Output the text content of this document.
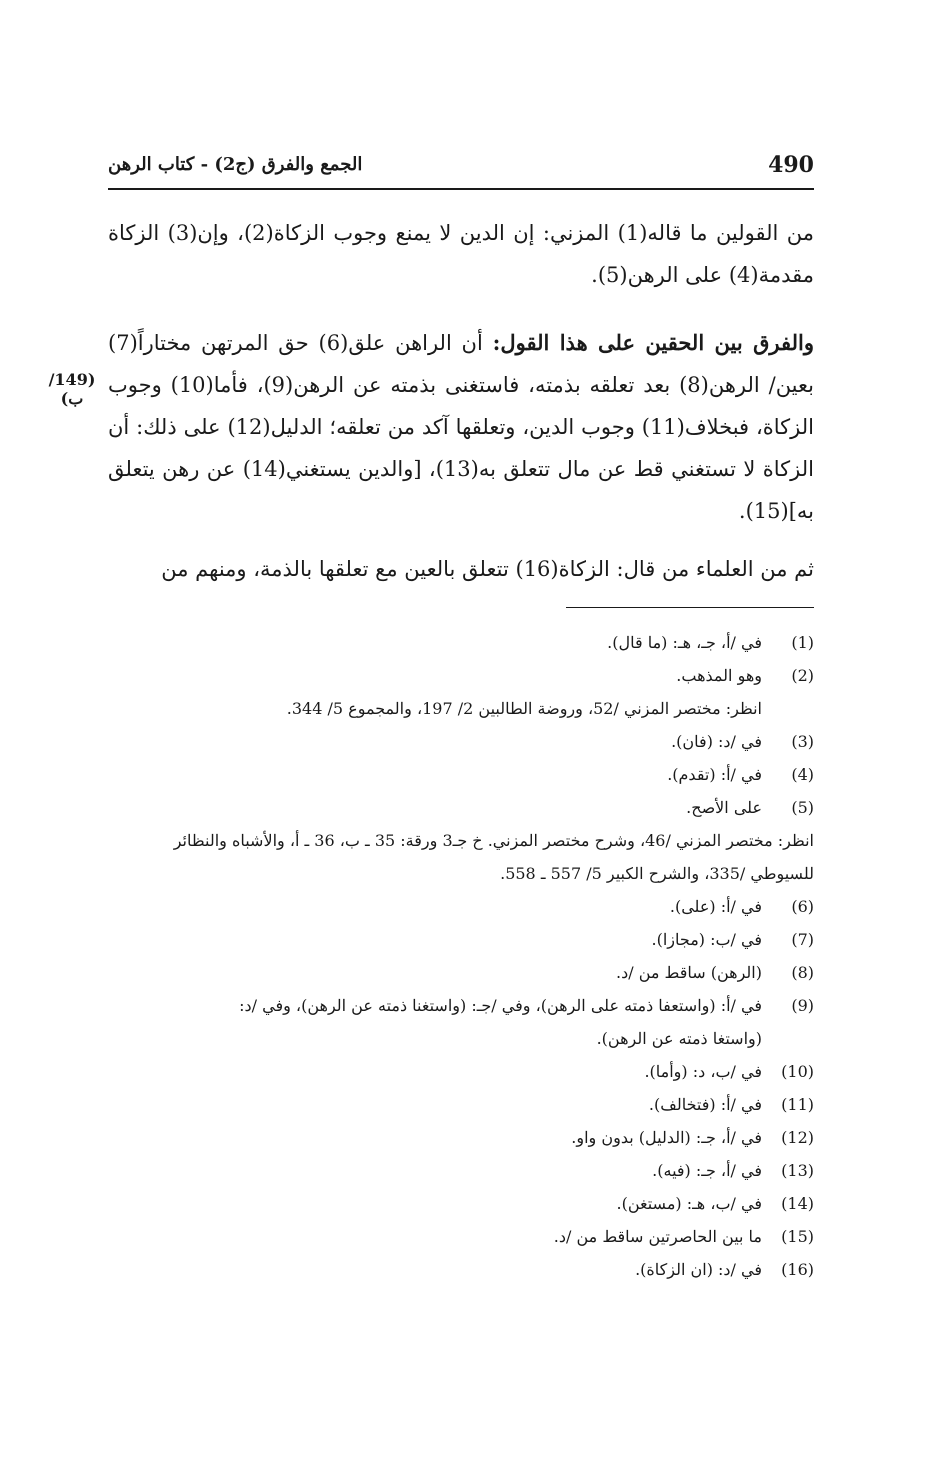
490
الجمع والفرق (ج2) - كتاب الرهن
من القولين ما قاله(1) المزني: إن الدين لا يمنع وجوب الزكاة(2)، وإن(3) الزكاة مقدمة(4) على الرهن(5).
والفرق بين الحقين على هذا القول: أن الراهن علق(6) حق المرتهن مختاراً(7) بعين/ الرهن(8) بعد تعلقه بذمته، فاستغنى بذمته عن الرهن(9)، فأما(10) وجوب الزكاة، فبخلاف(11) وجوب الدين، وتعلقها آكد من تعلقه؛ الدليل(12) على ذلك: أن الزكاة لا تستغني قط عن مال تتعلق به(13)، [والدين يستغني(14) عن رهن يتعلق به](15).
(149/ب)
ثم من العلماء من قال: الزكاة(16) تتعلق بالعين مع تعلقها بالذمة، ومنهم من
(1)
في /أ، جـ، هـ: (ما قال).
(2)
وهو المذهب.
انظر: مختصر المزني /52، وروضة الطالبين 2/ 197، والمجموع 5/ 344.
(3)
في /د: (فان).
(4)
في /أ: (تقدم).
(5)
على الأصح.
انظر: مختصر المزني /46، وشرح مختصر المزني. خ جـ3 ورقة: 35 ـ ب، 36 ـ أ، والأشباه والنظائر للسيوطي /335، والشرح الكبير 5/ 557 ـ 558.
(6)
في /أ: (على).
(7)
في /ب: (مجازا).
(8)
(الرهن) ساقط من /د.
(9)
في /أ: (واستعفا ذمته على الرهن)، وفي /جـ: (واستغنا ذمته عن الرهن)، وفي /د:
(واستغا ذمته عن الرهن).
(10)
في /ب، د: (وأما).
(11)
في /أ: (فتخالف).
(12)
في /أ، جـ: (الدليل) بدون واو.
(13)
في /أ، جـ: (فيه).
(14)
في /ب، هـ: (مستغن).
(15)
ما بين الحاصرتين ساقط من /د.
(16)
في /د: (ان الزكاة).
